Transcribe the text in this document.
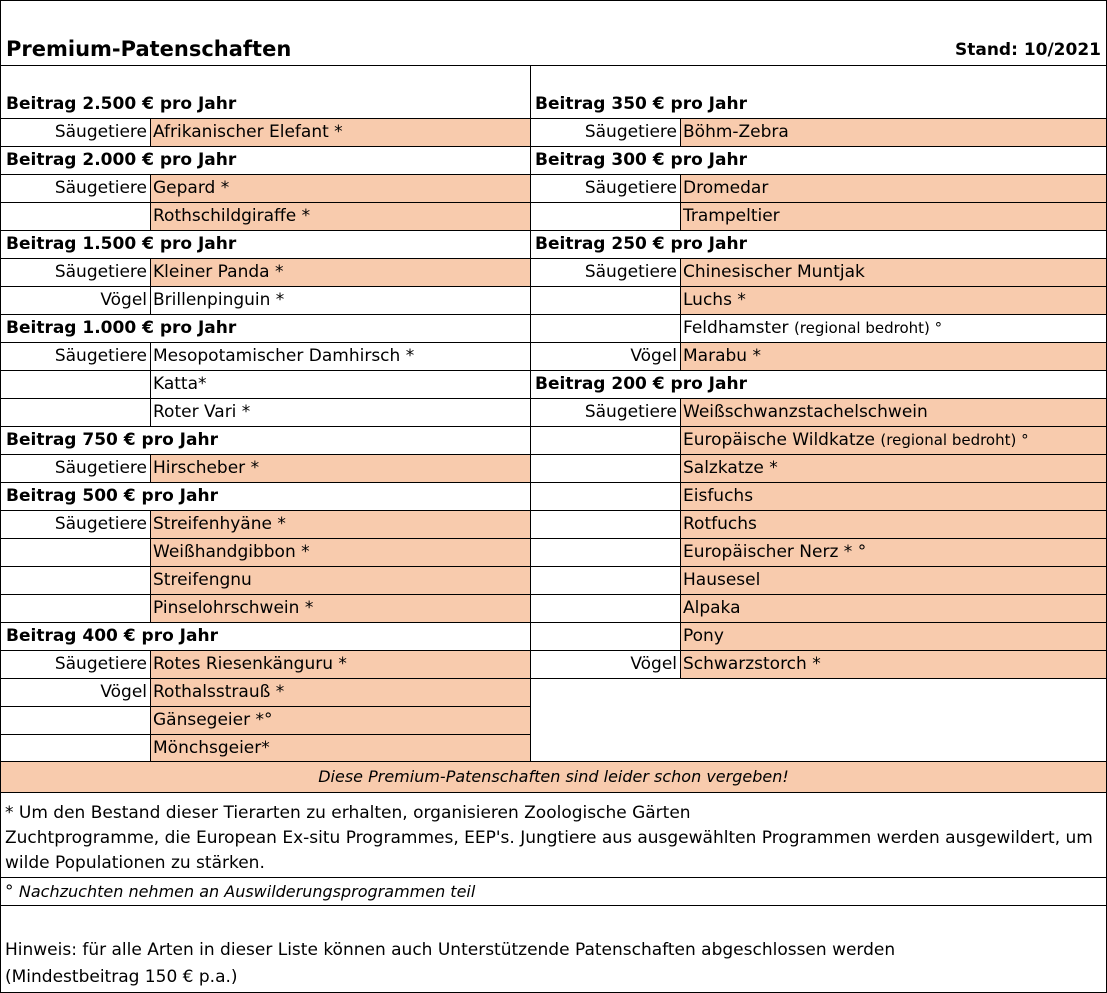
Premium-Patenschaften	Stand: 10/2021
Beitrag 2.500 € pro Jahr
Säugetiere Afrikanischer Elefant *
Beitrag 2.000 € pro Jahr
Säugetiere Gepard *
Rothschildgiraffe *
Beitrag 1.500 € pro Jahr
Säugetiere Kleiner Panda *
Vögel Brillenpinguin *
Beitrag 1.000 € pro Jahr
Säugetiere Mesopotamischer Damhirsch *
Katta*
Roter Vari *
Beitrag 750 € pro Jahr
Säugetiere Hirscheber *
Beitrag 500 € pro Jahr
Säugetiere Streifenhyäne *
Weißhandgibbon *
Streifengnu
Pinselohrschwein *
Beitrag 400 € pro Jahr
Säugetiere Rotes Riesenkänguru *
Vögel Rothalsstrauß *
Gänsegeier *°
Mönchsgeier*
Beitrag 350 € pro Jahr
Säugetiere Böhm-Zebra
Beitrag 300 € pro Jahr
Säugetiere Dromedar
Trampeltier
Beitrag 250 € pro Jahr
Säugetiere Chinesischer Muntjak
Luchs *
Feldhamster (regional bedroht) °
Vögel Marabu *
Beitrag 200 € pro Jahr
Säugetiere Weißschwanzstachelschwein
Europäische Wildkatze (regional bedroht) °
Salzkatze *
Eisfuchs
Rotfuchs
Europäischer Nerz * °
Hausesel
Alpaka
Pony
Vögel Schwarzstorch *
Diese Premium-Patenschaften sind leider schon vergeben!
* Um den Bestand dieser Tierarten zu erhalten, organisieren Zoologische Gärten
Zuchtprogramme, die European Ex-situ Programmes, EEP's. Jungtiere aus ausgewählten Programmen werden ausgewildert, um
wilde Populationen zu stärken.
° Nachzuchten nehmen an Auswilderungsprogrammen teil
Hinweis: für alle Arten in dieser Liste können auch Unterstützende Patenschaften abgeschlossen werden
(Mindestbeitrag 150 € p.a.)
